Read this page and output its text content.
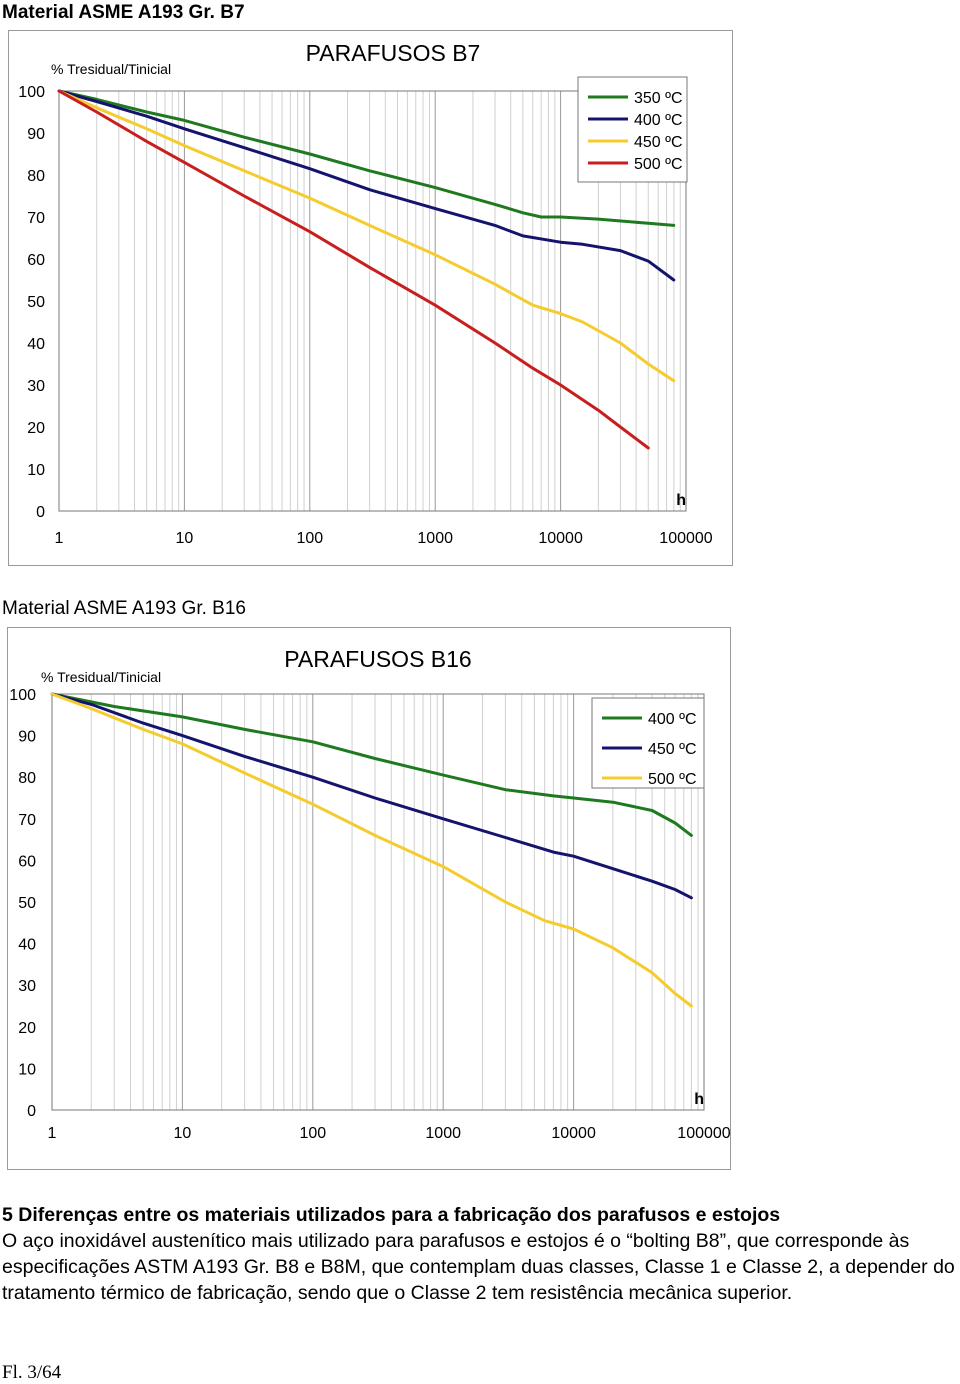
Material ASME A193 Gr. B7
0
10
20
30
40
50
60
70
80
90
100
1	10	100	1000	10000	100000
h
% Tresidual/Tinicial
PARAFUSOS B7
350 ºC
400 ºC
450 ºC
500 ºC
Material ASME A193 Gr. B16
0
10
20
30
40
50
60
70
80
90
100
1	10	100	1000	10000	100000
h
% Tresidual/Tinicial
PARAFUSOS B16
400 ºC
450 ºC
500 ºC
5 Diferenças entre os materiais utilizados para a fabricação dos parafusos e estojos
O aço inoxidável austenítico mais utilizado para parafusos e estojos é o “bolting B8”, que corresponde às especificações ASTM A193 Gr. B8 e B8M, que contemplam duas classes, Classe 1 e Classe 2, a depender do tratamento térmico de fabricação, sendo que o Classe 2 tem resistência mecânica superior.
Fl. 3/64
